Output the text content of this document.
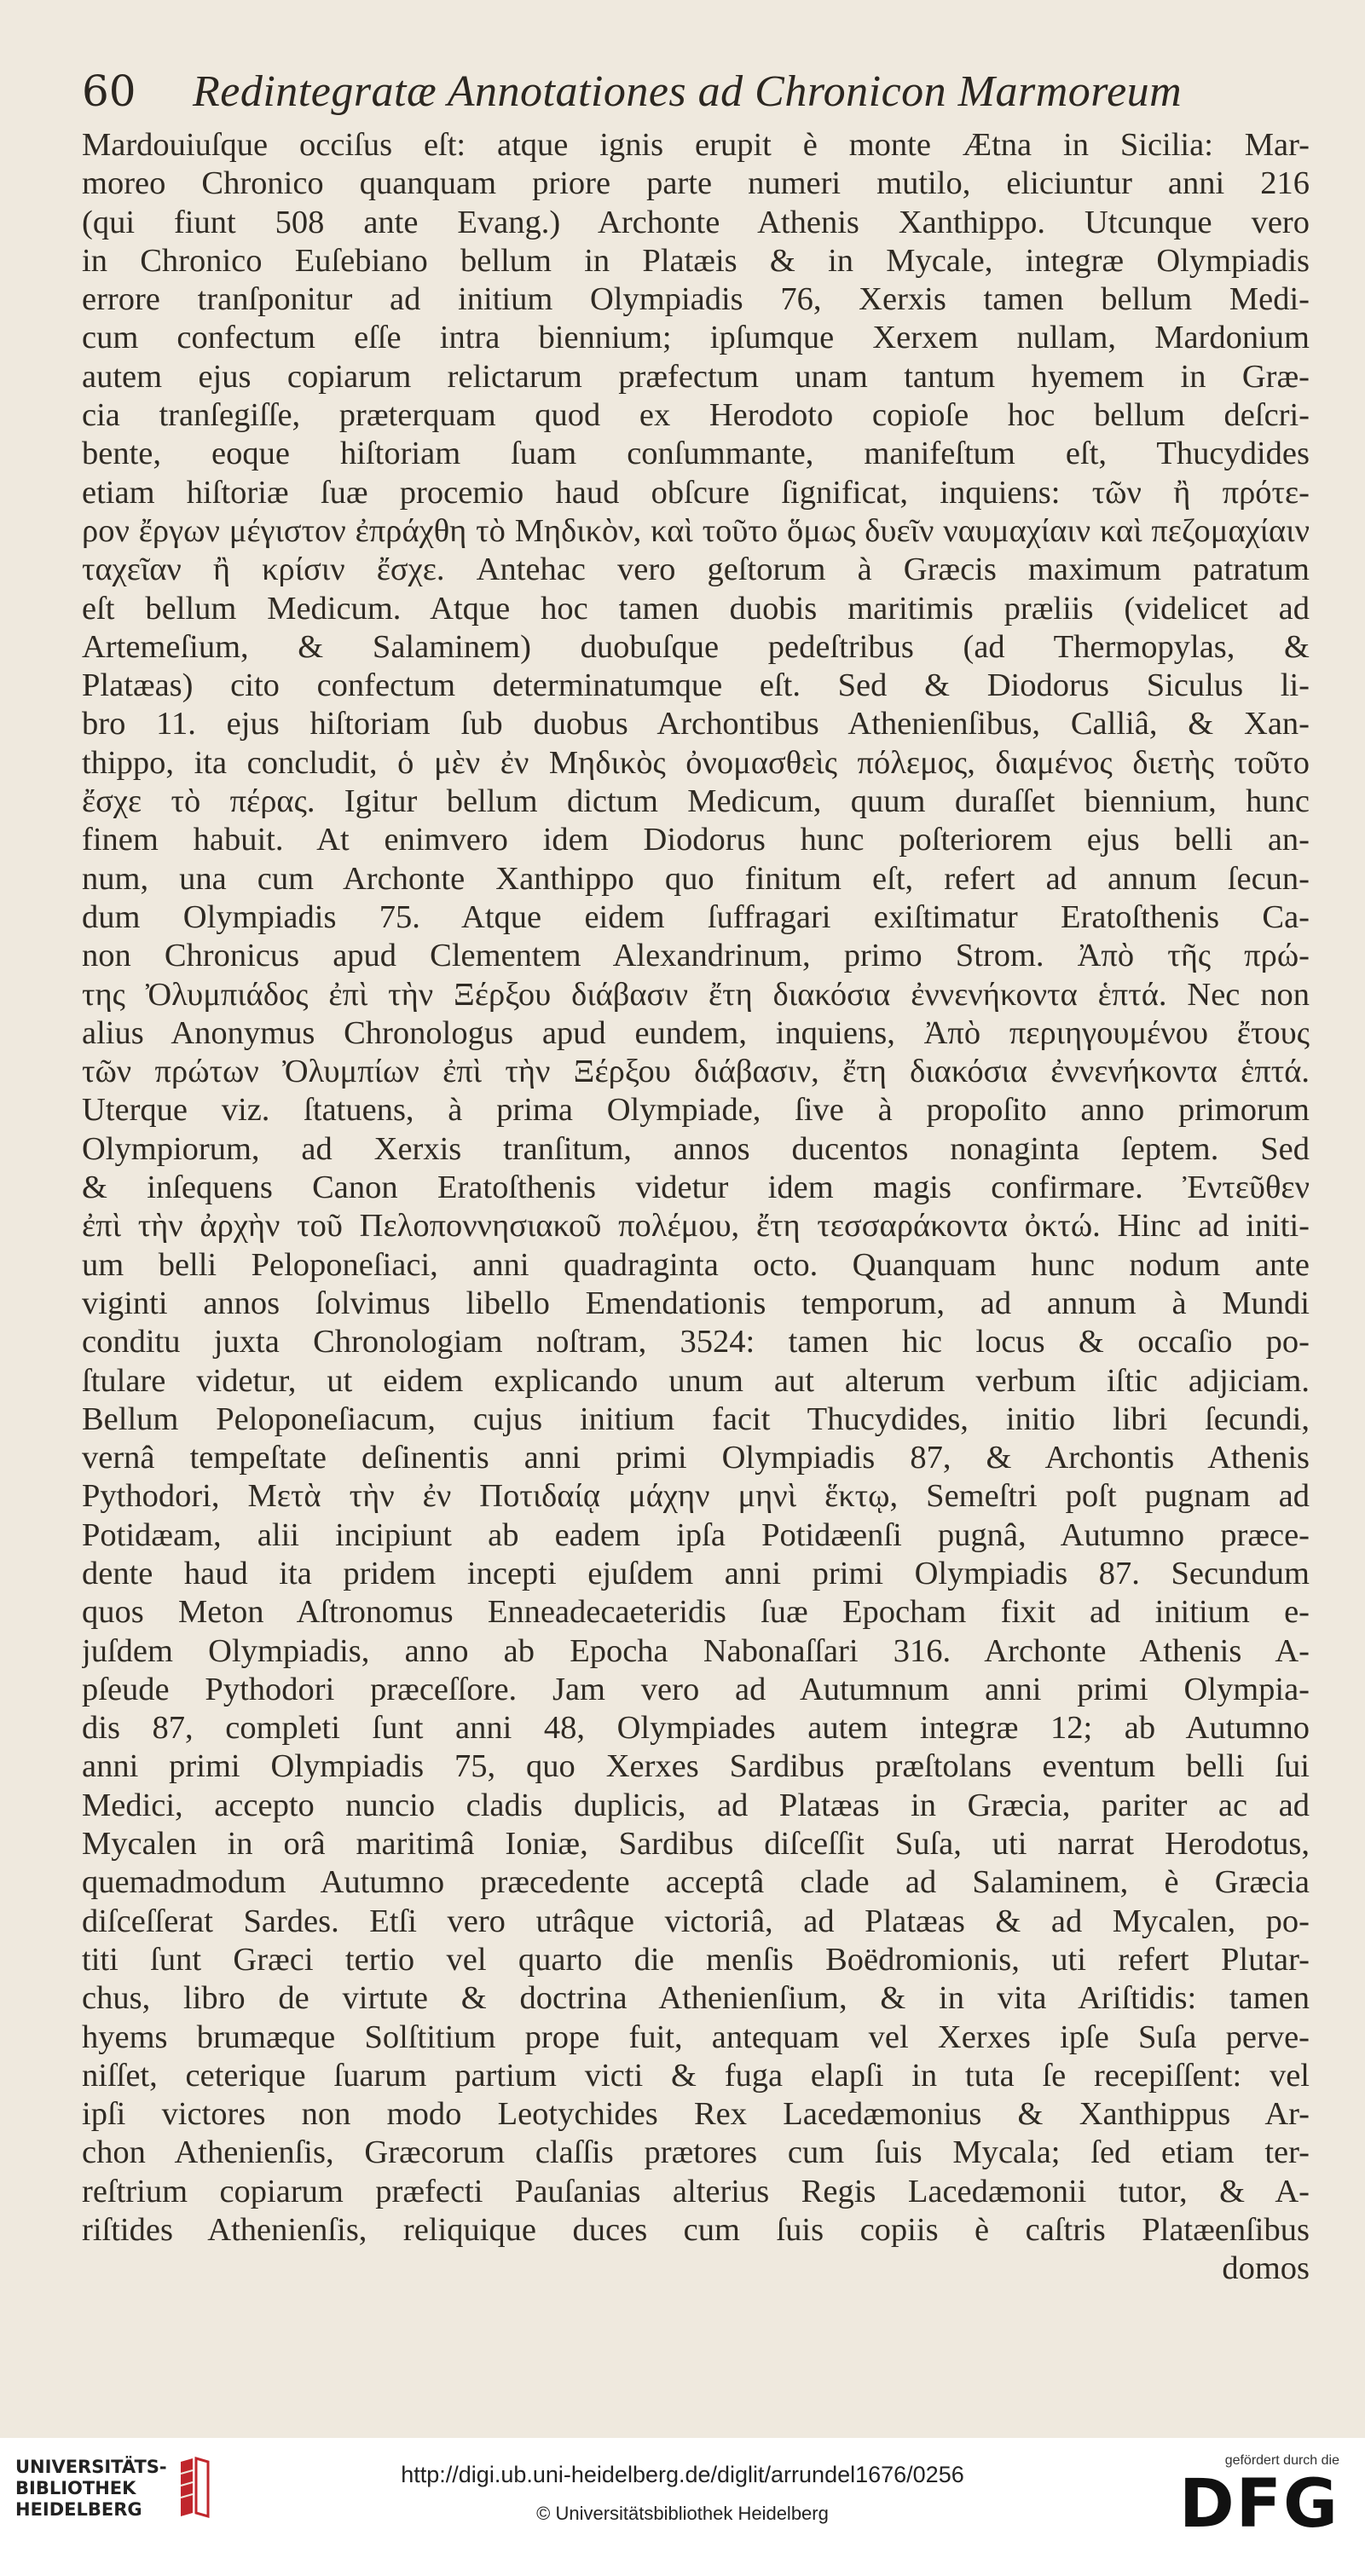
60	Redintegratæ Annotationes ad Chronicon Marmoreum
Mardouiuſque occiſus eſt: atque ignis erupit è monte Ætna in Sicilia: Mar-
moreo Chronico quanquam priore parte numeri mutilo, eliciuntur anni 216
(qui fiunt 508 ante Evang.) Archonte Athenis Xanthippo. Utcunque vero
in Chronico Euſebiano bellum in Platæis & in Mycale, integræ Olympiadis
errore tranſponitur ad initium Olympiadis 76, Xerxis tamen bellum Medi-
cum confectum eſſe intra biennium; ipſumque Xerxem nullam, Mardonium
autem ejus copiarum relictarum præfectum unam tantum hyemem in Græ-
cia tranſegiſſe, præterquam quod ex Herodoto copioſe hoc bellum deſcri-
bente, eoque hiſtoriam ſuam conſummante, manifeſtum eſt, Thucydides
etiam hiſtoriæ ſuæ procemio haud obſcure ſignificat, inquiens: τῶν ἢ πρότε-
ρον ἔργων μέγιστον ἐπράχθη τὸ Μηδικὸν, καὶ τοῦτο ὅμως δυεῖν ναυμαχίαιν καὶ πεζομαχίαιν
ταχεῖαν ἢ κρίσιν ἔσχε. Antehac vero geſtorum à Græcis maximum patratum
eſt bellum Medicum. Atque hoc tamen duobis maritimis præliis (videlicet ad
Artemeſium, & Salaminem) duobuſque pedeſtribus (ad Thermopylas, &
Platæas) cito confectum determinatumque eſt. Sed & Diodorus Siculus li-
bro 11. ejus hiſtoriam ſub duobus Archontibus Athenienſibus, Calliâ, & Xan-
thippo, ita concludit, ὁ μὲν ἐν Μηδικὸς ὀνομασθεὶς πόλεμος, διαμένος διετὴς τοῦτο
ἔσχε τὸ πέρας. Igitur bellum dictum Medicum, quum duraſſet biennium, hunc
finem habuit. At enimvero idem Diodorus hunc poſteriorem ejus belli an-
num, una cum Archonte Xanthippo quo finitum eſt, refert ad annum ſecun-
dum Olympiadis 75. Atque eidem ſuffragari exiſtimatur Eratoſthenis Ca-
non Chronicus apud Clementem Alexandrinum, primo Strom. Ἀπὸ τῆς πρώ-
της Ὀλυμπιάδος ἐπὶ τὴν Ξέρξου διάβασιν ἔτη διακόσια ἐννενήκοντα ἑπτά. Nec non
alius Anonymus Chronologus apud eundem, inquiens, Ἀπὸ περιηγουμένου ἔτους
τῶν πρώτων Ὀλυμπίων ἐπὶ τὴν Ξέρξου διάβασιν, ἔτη διακόσια ἐννενήκοντα ἑπτά.
Uterque viz. ſtatuens, à prima Olympiade, ſive à propoſito anno primorum
Olympiorum, ad Xerxis tranſitum, annos ducentos nonaginta ſeptem. Sed
& inſequens Canon Eratoſthenis videtur idem magis confirmare. Ἐντεῦθεν
ἐπὶ τὴν ἀρχὴν τοῦ Πελοποννησιακοῦ πολέμου, ἔτη τεσσαράκοντα ὀκτώ. Hinc ad initi-
um belli Peloponeſiaci, anni quadraginta octo. Quanquam hunc nodum ante
viginti annos ſolvimus libello Emendationis temporum, ad annum à Mundi
conditu juxta Chronologiam noſtram, 3524: tamen hic locus & occaſio po-
ſtulare videtur, ut eidem explicando unum aut alterum verbum iſtic adjiciam.
Bellum Peloponeſiacum, cujus initium facit Thucydides, initio libri ſecundi,
vernâ tempeſtate deſinentis anni primi Olympiadis 87, & Archontis Athenis
Pythodori, Μετὰ τὴν ἐν Ποτιδαίᾳ μάχην μηνὶ ἕκτῳ, Semeſtri poſt pugnam ad
Potidæam, alii incipiunt ab eadem ipſa Potidæenſi pugnâ, Autumno præce-
dente haud ita pridem incepti ejuſdem anni primi Olympiadis 87. Secundum
quos Meton Aſtronomus Enneadecaeteridis ſuæ Epocham fixit ad initium e-
juſdem Olympiadis, anno ab Epocha Nabonaſſari 316. Archonte Athenis A-
pſeude Pythodori præceſſore. Jam vero ad Autumnum anni primi Olympia-
dis 87, completi ſunt anni 48, Olympiades autem integræ 12; ab Autumno
anni primi Olympiadis 75, quo Xerxes Sardibus præſtolans eventum belli ſui
Medici, accepto nuncio cladis duplicis, ad Platæas in Græcia, pariter ac ad
Mycalen in orâ maritimâ Ioniæ, Sardibus diſceſſit Suſa, uti narrat Herodotus,
quemadmodum Autumno præcedente acceptâ clade ad Salaminem, è Græcia
diſceſſerat Sardes. Etſi vero utrâque victoriâ, ad Platæas & ad Mycalen, po-
titi ſunt Græci tertio vel quarto die menſis Boëdromionis, uti refert Plutar-
chus, libro de virtute & doctrina Athenienſium, & in vita Ariſtidis: tamen
hyems brumæque Solſtitium prope fuit, antequam vel Xerxes ipſe Suſa perve-
niſſet, ceterique ſuarum partium victi & fuga elapſi in tuta ſe recepiſſent: vel
ipſi victores non modo Leotychides Rex Lacedæmonius & Xanthippus Ar-
chon Athenienſis, Græcorum claſſis prætores cum ſuis Mycala; ſed etiam ter-
reſtrium copiarum præfecti Pauſanias alterius Regis Lacedæmonii tutor, & A-
riſtides Athenienſis, reliquique duces cum ſuis copiis è caſtris Platæenſibus
domos
UNIVERSITÄTS-
BIBLIOTHEK
HEIDELBERG
http://digi.ub.uni-heidelberg.de/diglit/arrundel1676/0256
© Universitätsbibliothek Heidelberg
gefördert durch die
DFG
